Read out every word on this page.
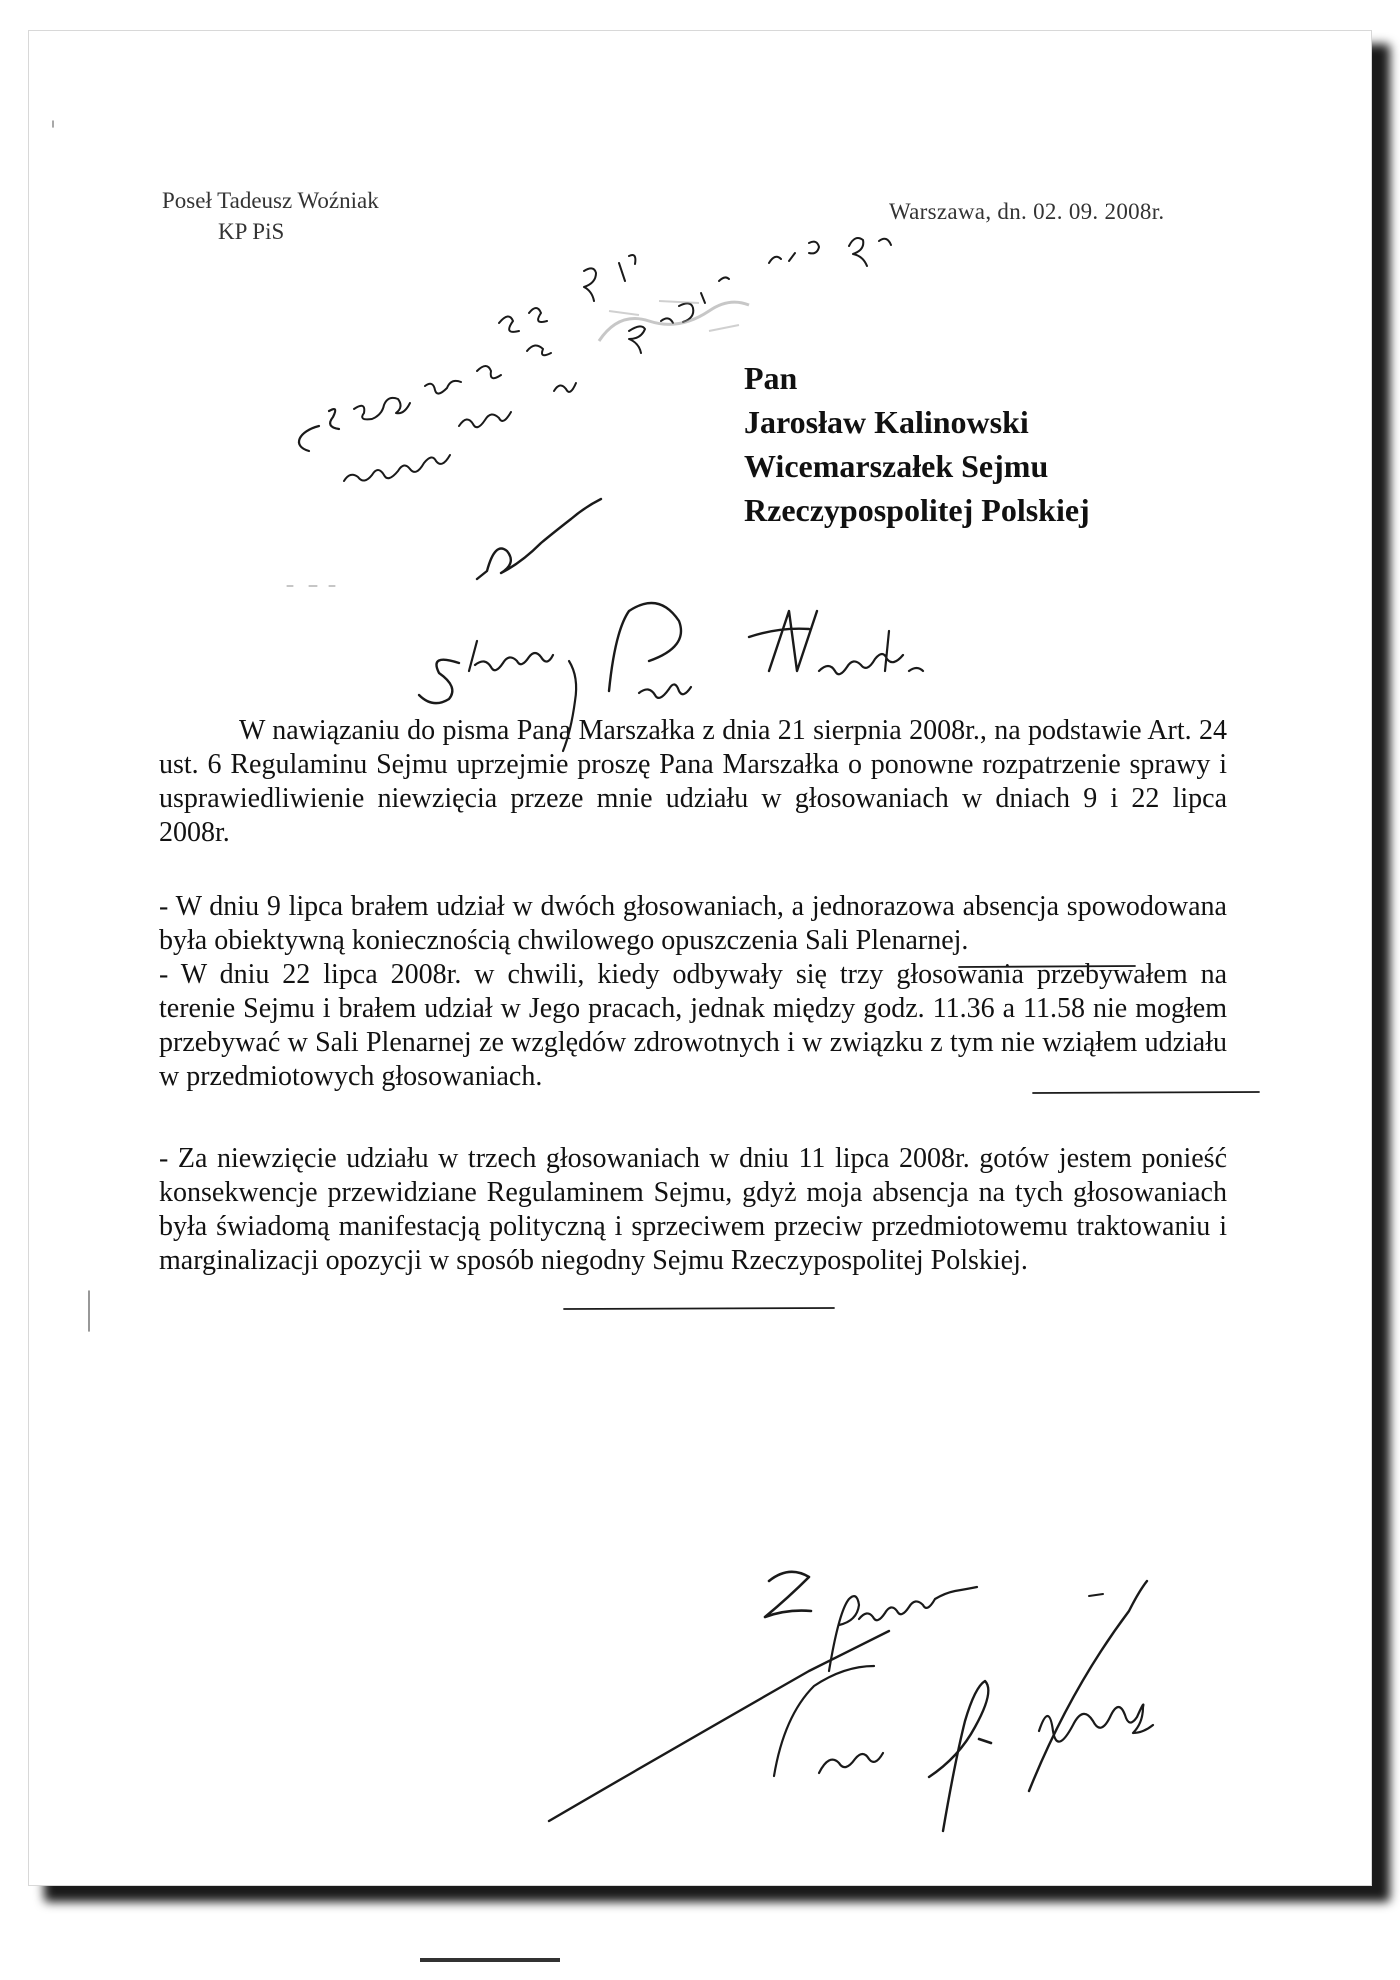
Poseł Tadeusz Woźniak
KP PiS
Warszawa, dn. 02. 09. 2008r.
Pan
Jarosław Kalinowski
Wicemarszałek Sejmu
Rzeczypospolitej Polskiej

W nawiązaniu do pisma Pana Marszałka z dnia 21 sierpnia 2008r., na podstawie Art. 24 ust. 6 Regulaminu Sejmu uprzejmie proszę Pana Marszałka o ponowne rozpatrzenie sprawy i usprawiedliwienie niewzięcia przeze mnie udziału w głosowaniach w dniach 9 i 22 lipca 2008r.

- W dniu 9 lipca brałem udział w dwóch głosowaniach, a jednorazowa absencja spowodowana była obiektywną koniecznością chwilowego opuszczenia Sali Plenarnej.

- W dniu 22 lipca 2008r. w chwili, kiedy odbywały się trzy głosowania przebywałem na terenie Sejmu i brałem udział w Jego pracach, jednak między godz. 11.36 a 11.58 nie mogłem przebywać w Sali Plenarnej ze względów zdrowotnych i w związku z tym nie wziąłem udziału w przedmiotowych głosowaniach.

- Za niewzięcie udziału w trzech głosowaniach w dniu 11 lipca 2008r. gotów jestem ponieść konsekwencje przewidziane Regulaminem Sejmu, gdyż moja absencja na tych głosowaniach była świadomą manifestacją polityczną i sprzeciwem przeciw przedmiotowemu traktowaniu i marginalizacji opozycji w sposób niegodny Sejmu Rzeczypospolitej Polskiej.
